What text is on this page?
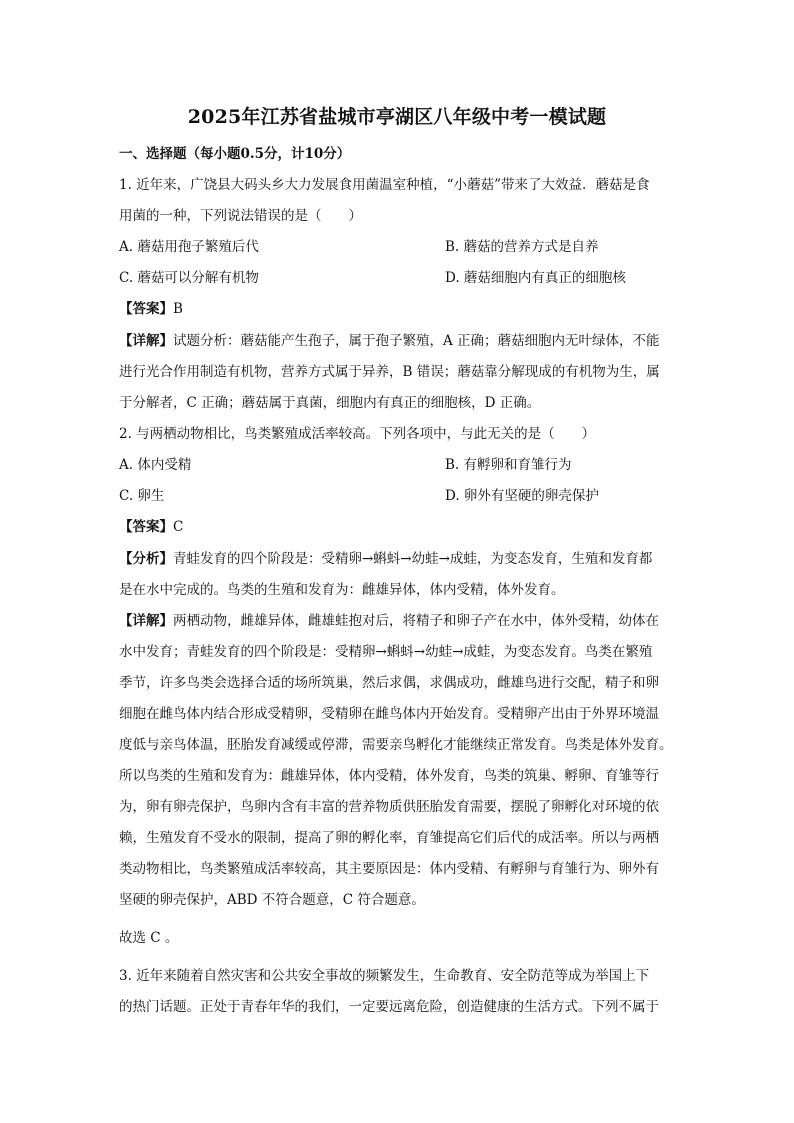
2025年江苏省盐城市亭湖区八年级中考一模试题
一、选择题（每小题0.5分，计10分）
1. 近年来，广饶县大码头乡大力发展食用菌温室种植，“小蘑菇”带来了大效益．蘑菇是食
用菌的一种，下列说法错误的是（　　）
A. 蘑菇用孢子繁殖后代	B. 蘑菇的营养方式是自养
C. 蘑菇可以分解有机物	D. 蘑菇细胞内有真正的细胞核
【答案】B
【详解】试题分析：蘑菇能产生孢子，属于孢子繁殖，A 正确；蘑菇细胞内无叶绿体，不能
进行光合作用制造有机物，营养方式属于异养，B 错误；蘑菇靠分解现成的有机物为生，属
于分解者，C 正确；蘑菇属于真菌，细胞内有真正的细胞核，D 正确。
2. 与两栖动物相比，鸟类繁殖成活率较高。下列各项中，与此无关的是（　　）
A. 体内受精	B. 有孵卵和育雏行为
C. 卵生	D. 卵外有坚硬的卵壳保护
【答案】C
【分析】青蛙发育的四个阶段是：受精卵→蝌蚪→幼蛙→成蛙，为变态发育，生殖和发育都
是在水中完成的。鸟类的生殖和发育为：雌雄异体，体内受精，体外发育。
【详解】两栖动物，雌雄异体，雌雄蛙抱对后，将精子和卵子产在水中，体外受精，幼体在
水中发育；青蛙发育的四个阶段是：受精卵→蝌蚪→幼蛙→成蛙，为变态发育。鸟类在繁殖
季节，许多鸟类会选择合适的场所筑巢，然后求偶，求偶成功，雌雄鸟进行交配，精子和卵
细胞在雌鸟体内结合形成受精卵，受精卵在雌鸟体内开始发育。受精卵产出由于外界环境温
度低与亲鸟体温，胚胎发育减缓或停滞，需要亲鸟孵化才能继续正常发育。鸟类是体外发育。
所以鸟类的生殖和发育为：雌雄异体，体内受精，体外发育，鸟类的筑巢、孵卵、育雏等行
为，卵有卵壳保护，鸟卵内含有丰富的营养物质供胚胎发育需要，摆脱了卵孵化对环境的依
赖，生殖发育不受水的限制，提高了卵的孵化率，育雏提高它们后代的成活率。所以与两栖
类动物相比，鸟类繁殖成活率较高，其主要原因是：体内受精、有孵卵与育雏行为、卵外有
坚硬的卵壳保护，ABD 不符合题意，C 符合题意。
故选 C 。
3. 近年来随着自然灾害和公共安全事故的频繁发生，生命教育、安全防范等成为举国上下
的热门话题。正处于青春年华的我们，一定要远离危险，创造健康的生活方式。下列不属于
